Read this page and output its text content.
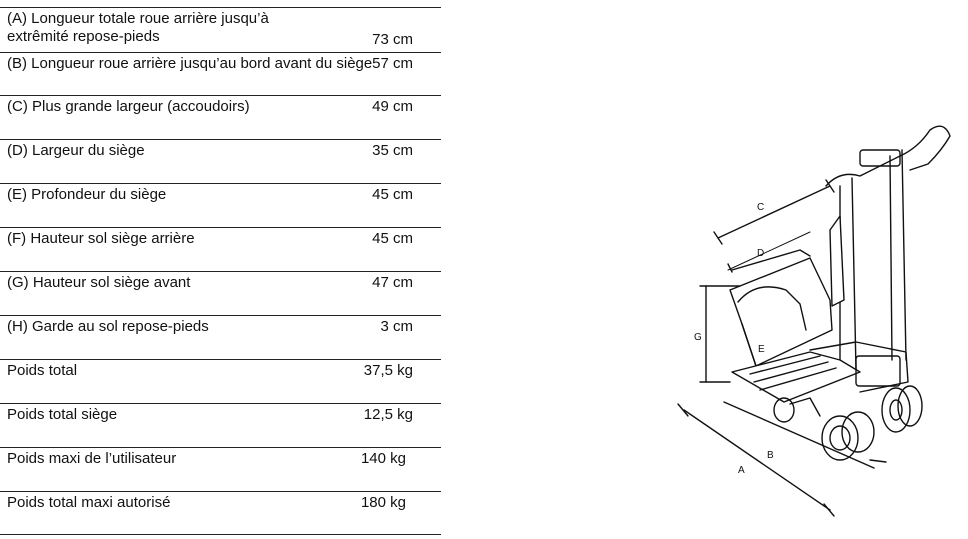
(A) Longueur totale roue arrière jusqu’à
extrêmité repose-pieds	73 cm
(B) Longueur roue arrière jusqu’au bord avant du siège 57 cm
(C) Plus grande largeur (accoudoirs)	49 cm
(D) Largeur du siège	35 cm
(E) Profondeur du siège	45 cm
(F) Hauteur sol siège arrière	45 cm
(G) Hauteur sol siège avant	47 cm
(H) Garde au sol repose-pieds	3 cm
Poids total	37,5 kg
Poids total siège	12,5 kg
Poids maxi de l’utilisateur	140 kg
Poids total maxi autorisé	180 kg
C
D
G
E
B
A
